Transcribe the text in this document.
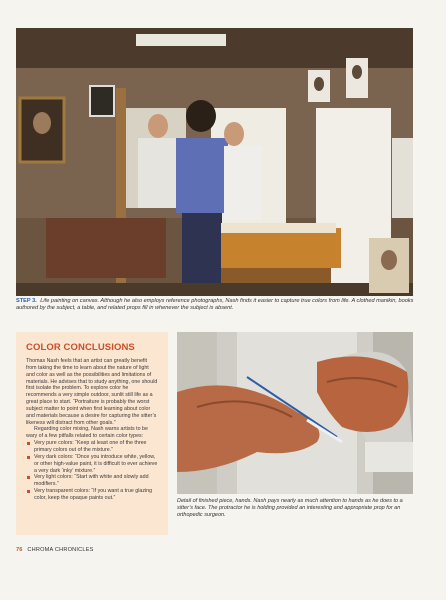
STEP 3. Life painting on canvas. Although he also employs reference photographs, Nash finds it easier to capture true colors from life. A clothed manikin, books authored by the subject, a table, and related props fill in whenever the subject is absent.
COLOR CONCLUSIONS

Thomas Nash feels that an artist can greatly benefit from taking the time to learn about the nature of light and color as well as the possibilities and limitations of materials. He advises that to study anything, one should first isolate the problem. To explore color he recommends a very simple outdoor, sunlit still life as a great place to start. “Portraiture is probably the worst subject matter to point when first learning about color and materials because a desire for capturing the sitter’s likeness will distract from other goals.”

Regarding color mixing, Nash warns artists to be wary of a few pitfalls related to certain color types:

Very pure colors: “Keep at least one of the three primary colors out of the mixture.”
Very dark colors: “Once you introduce white, yellow, or other high-value paint, it is difficult to ever achieve a very dark ‘inky’ mixture.”
Very light colors: “Start with white and slowly add modifiers.”
Very transparent colors: “If you want a true glazing color, keep the opaque paints out.”
Detail of finished piece, hands. Nash pays nearly as much attention to hands as he does to a sitter’s face. The protractor he is holding provided an interesting and appropriate prop for an orthopedic surgeon.
76 CHROMA CHRONICLES
